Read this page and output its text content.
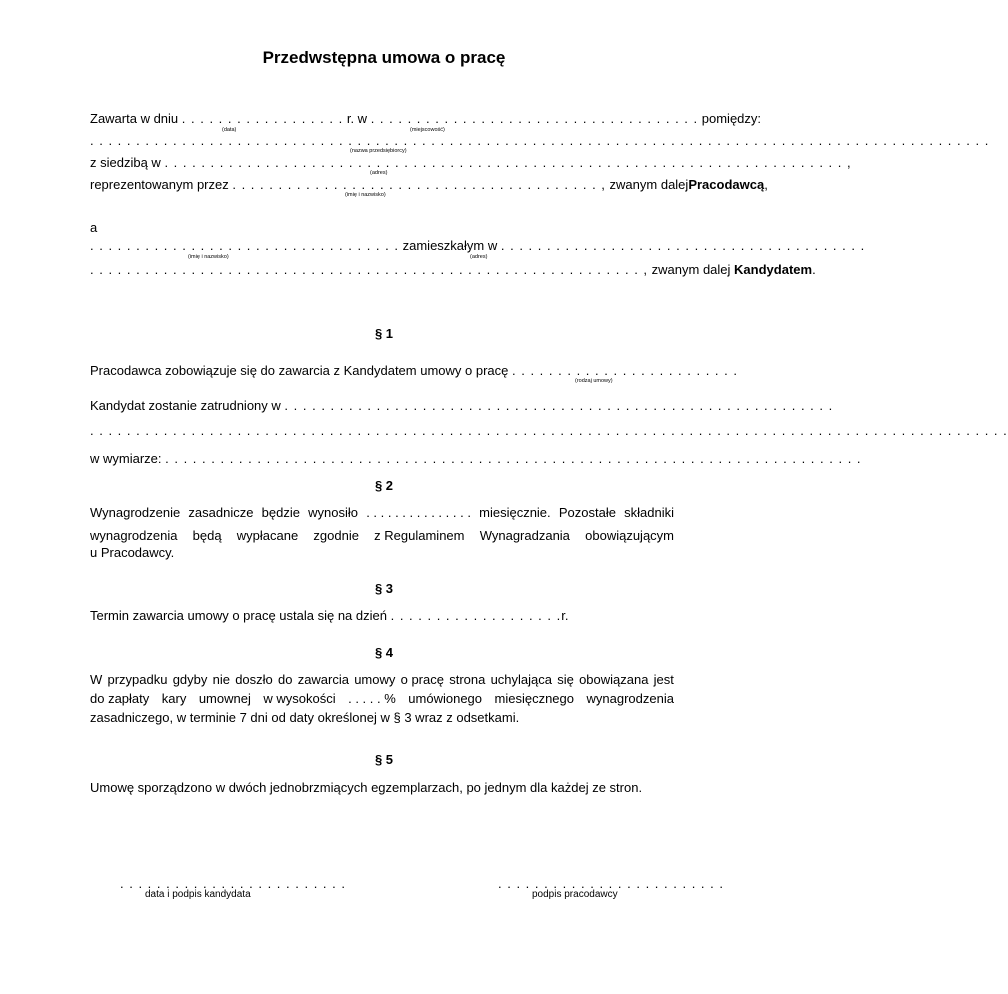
Przedwstępna umowa o pracę
Zawarta w dniu . . . . . . . . . . . . . . . . . . r. w . . . . . . . . . . . . . . . . . . . . . . . . . . . . . . . . . . . . pomiędzy:
(data)	(miejscowość)
. . . . . . . . . . . . . . . . . . . . . . . . . . . . . . . . . . . . . . . . . . . . . . . . . . . . . . . . . . . . . . . . . . . . . . . . . . . . . . . . . . . . . . . . . . . . . . . . . .
(nazwa przedsiębiorcy)
z siedzibą w . . . . . . . . . . . . . . . . . . . . . . . . . . . . . . . . . . . . . . . . . . . . . . . . . . . . . . . . . . . . . . . . . . . . . . . . . . ,
(adres)
reprezentowanym przez . . . . . . . . . . . . . . . . . . . . . . . . . . . . . . . . . . . . . . . . , zwanym dalejPracodawcą,
(imię i nazwisko)
a
. . . . . . . . . . . . . . . . . . . . . . . . . . . . . . . . . . zamieszkałym w . . . . . . . . . . . . . . . . . . . . . . . . . . . . . . . . . . . . . . . .
(imię i nazwisko)	(adres)
. . . . . . . . . . . . . . . . . . . . . . . . . . . . . . . . . . . . . . . . . . . . . . . . . . . . . . . . . . . . , zwanym dalej Kandydatem.
§ 1
Pracodawca zobowiązuje się do zawarcia z Kandydatem umowy o pracę . . . . . . . . . . . . . . . . . . . . . . . . .
(rodzaj umowy)
Kandydat zostanie zatrudniony w . . . . . . . . . . . . . . . . . . . . . . . . . . . . . . . . . . . . . . . . . . . . . . . . . . . . . . . . . . . .
. . . . . . . . . . . . . . . . . . . . . . . . . . . . . . . . . . . . . . . . . . . . . . . . . . . . . . . . . . . . . . . . . . . . . . . . . . . . . . . . . . . . . . . . . . . . . . . . . . . .
w wymiarze: . . . . . . . . . . . . . . . . . . . . . . . . . . . . . . . . . . . . . . . . . . . . . . . . . . . . . . . . . . . . . . . . . . . . . . . . . . . .
§ 2
Wynagrodzenie zasadnicze będzie wynosiło . . . . . . . . . . . . . . . miesięcznie. Pozostałe składniki
wynagrodzenia będą wypłacane zgodnie z Regulaminem Wynagradzania obowiązującym
u Pracodawcy.
§ 3
Termin zawarcia umowy o pracę ustala się na dzień . . . . . . . . . . . . . . . . . . .r.
§ 4
W przypadku gdyby nie doszło do zawarcia umowy o pracę strona uchylająca się obowiązana jest
do zapłaty kary umownej w wysokości . . . . . % umówionego miesięcznego wynagrodzenia
zasadniczego, w terminie 7 dni od daty określonej w § 3 wraz z odsetkami.
§ 5
Umowę sporządzono w dwóch jednobrzmiących egzemplarzach, po jednym dla każdej ze stron.
. . . . . . . . . . . . . . . . . . . . . . . . .
data i podpis kandydata
. . . . . . . . . . . . . . . . . . . . . . . . .
podpis pracodawcy
